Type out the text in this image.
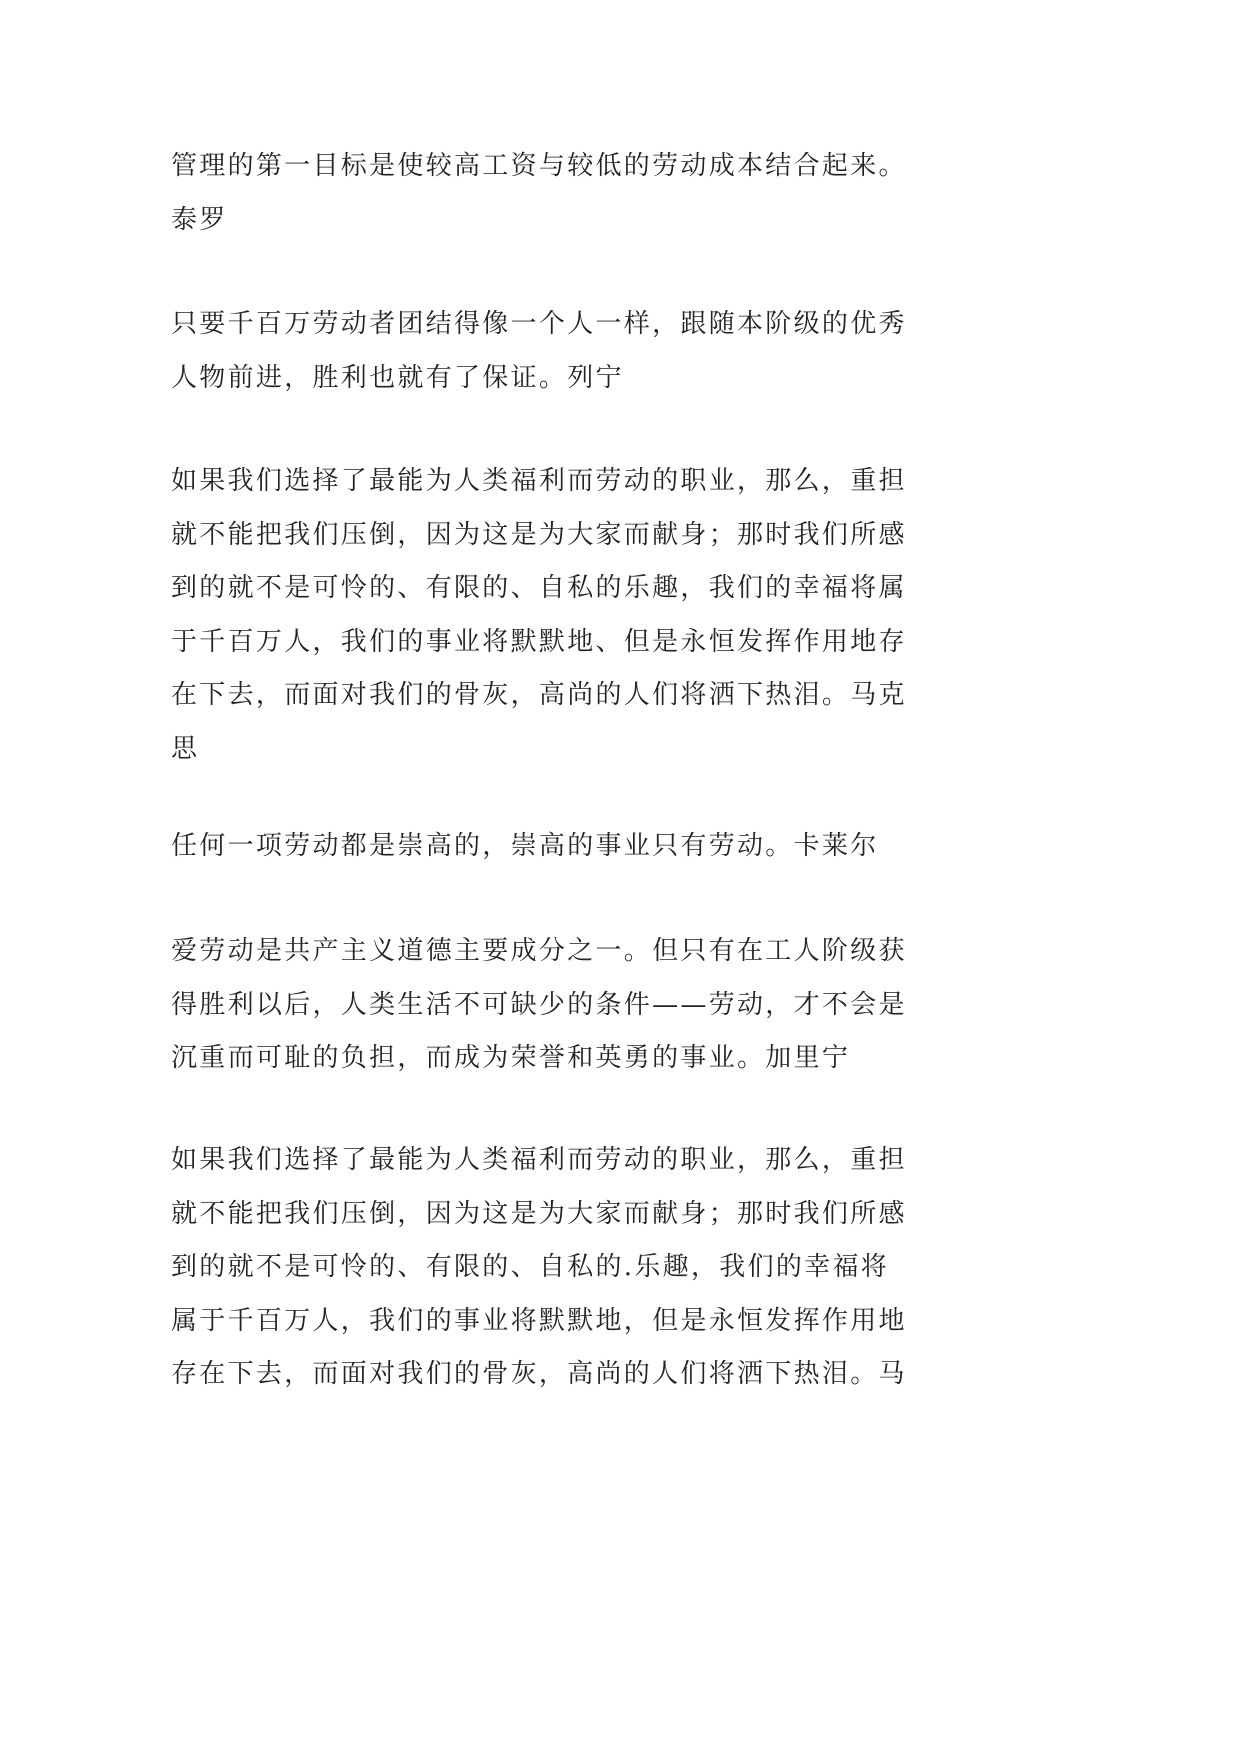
管理的第一目标是使较高工资与较低的劳动成本结合起来。
泰罗

只要千百万劳动者团结得像一个人一样，跟随本阶级的优秀
人物前进，胜利也就有了保证。列宁

如果我们选择了最能为人类福利而劳动的职业，那么，重担
就不能把我们压倒，因为这是为大家而献身；那时我们所感
到的就不是可怜的、有限的、自私的乐趣，我们的幸福将属
于千百万人，我们的事业将默默地、但是永恒发挥作用地存
在下去，而面对我们的骨灰，高尚的人们将洒下热泪。马克
思

任何一项劳动都是崇高的，崇高的事业只有劳动。卡莱尔

爱劳动是共产主义道德主要成分之一。但只有在工人阶级获
得胜利以后，人类生活不可缺少的条件——劳动，才不会是
沉重而可耻的负担，而成为荣誉和英勇的事业。加里宁

如果我们选择了最能为人类福利而劳动的职业，那么，重担
就不能把我们压倒，因为这是为大家而献身；那时我们所感
到的就不是可怜的、有限的、自私的.乐趣，我们的幸福将
属于千百万人，我们的事业将默默地，但是永恒发挥作用地
存在下去，而面对我们的骨灰，高尚的人们将洒下热泪。马
